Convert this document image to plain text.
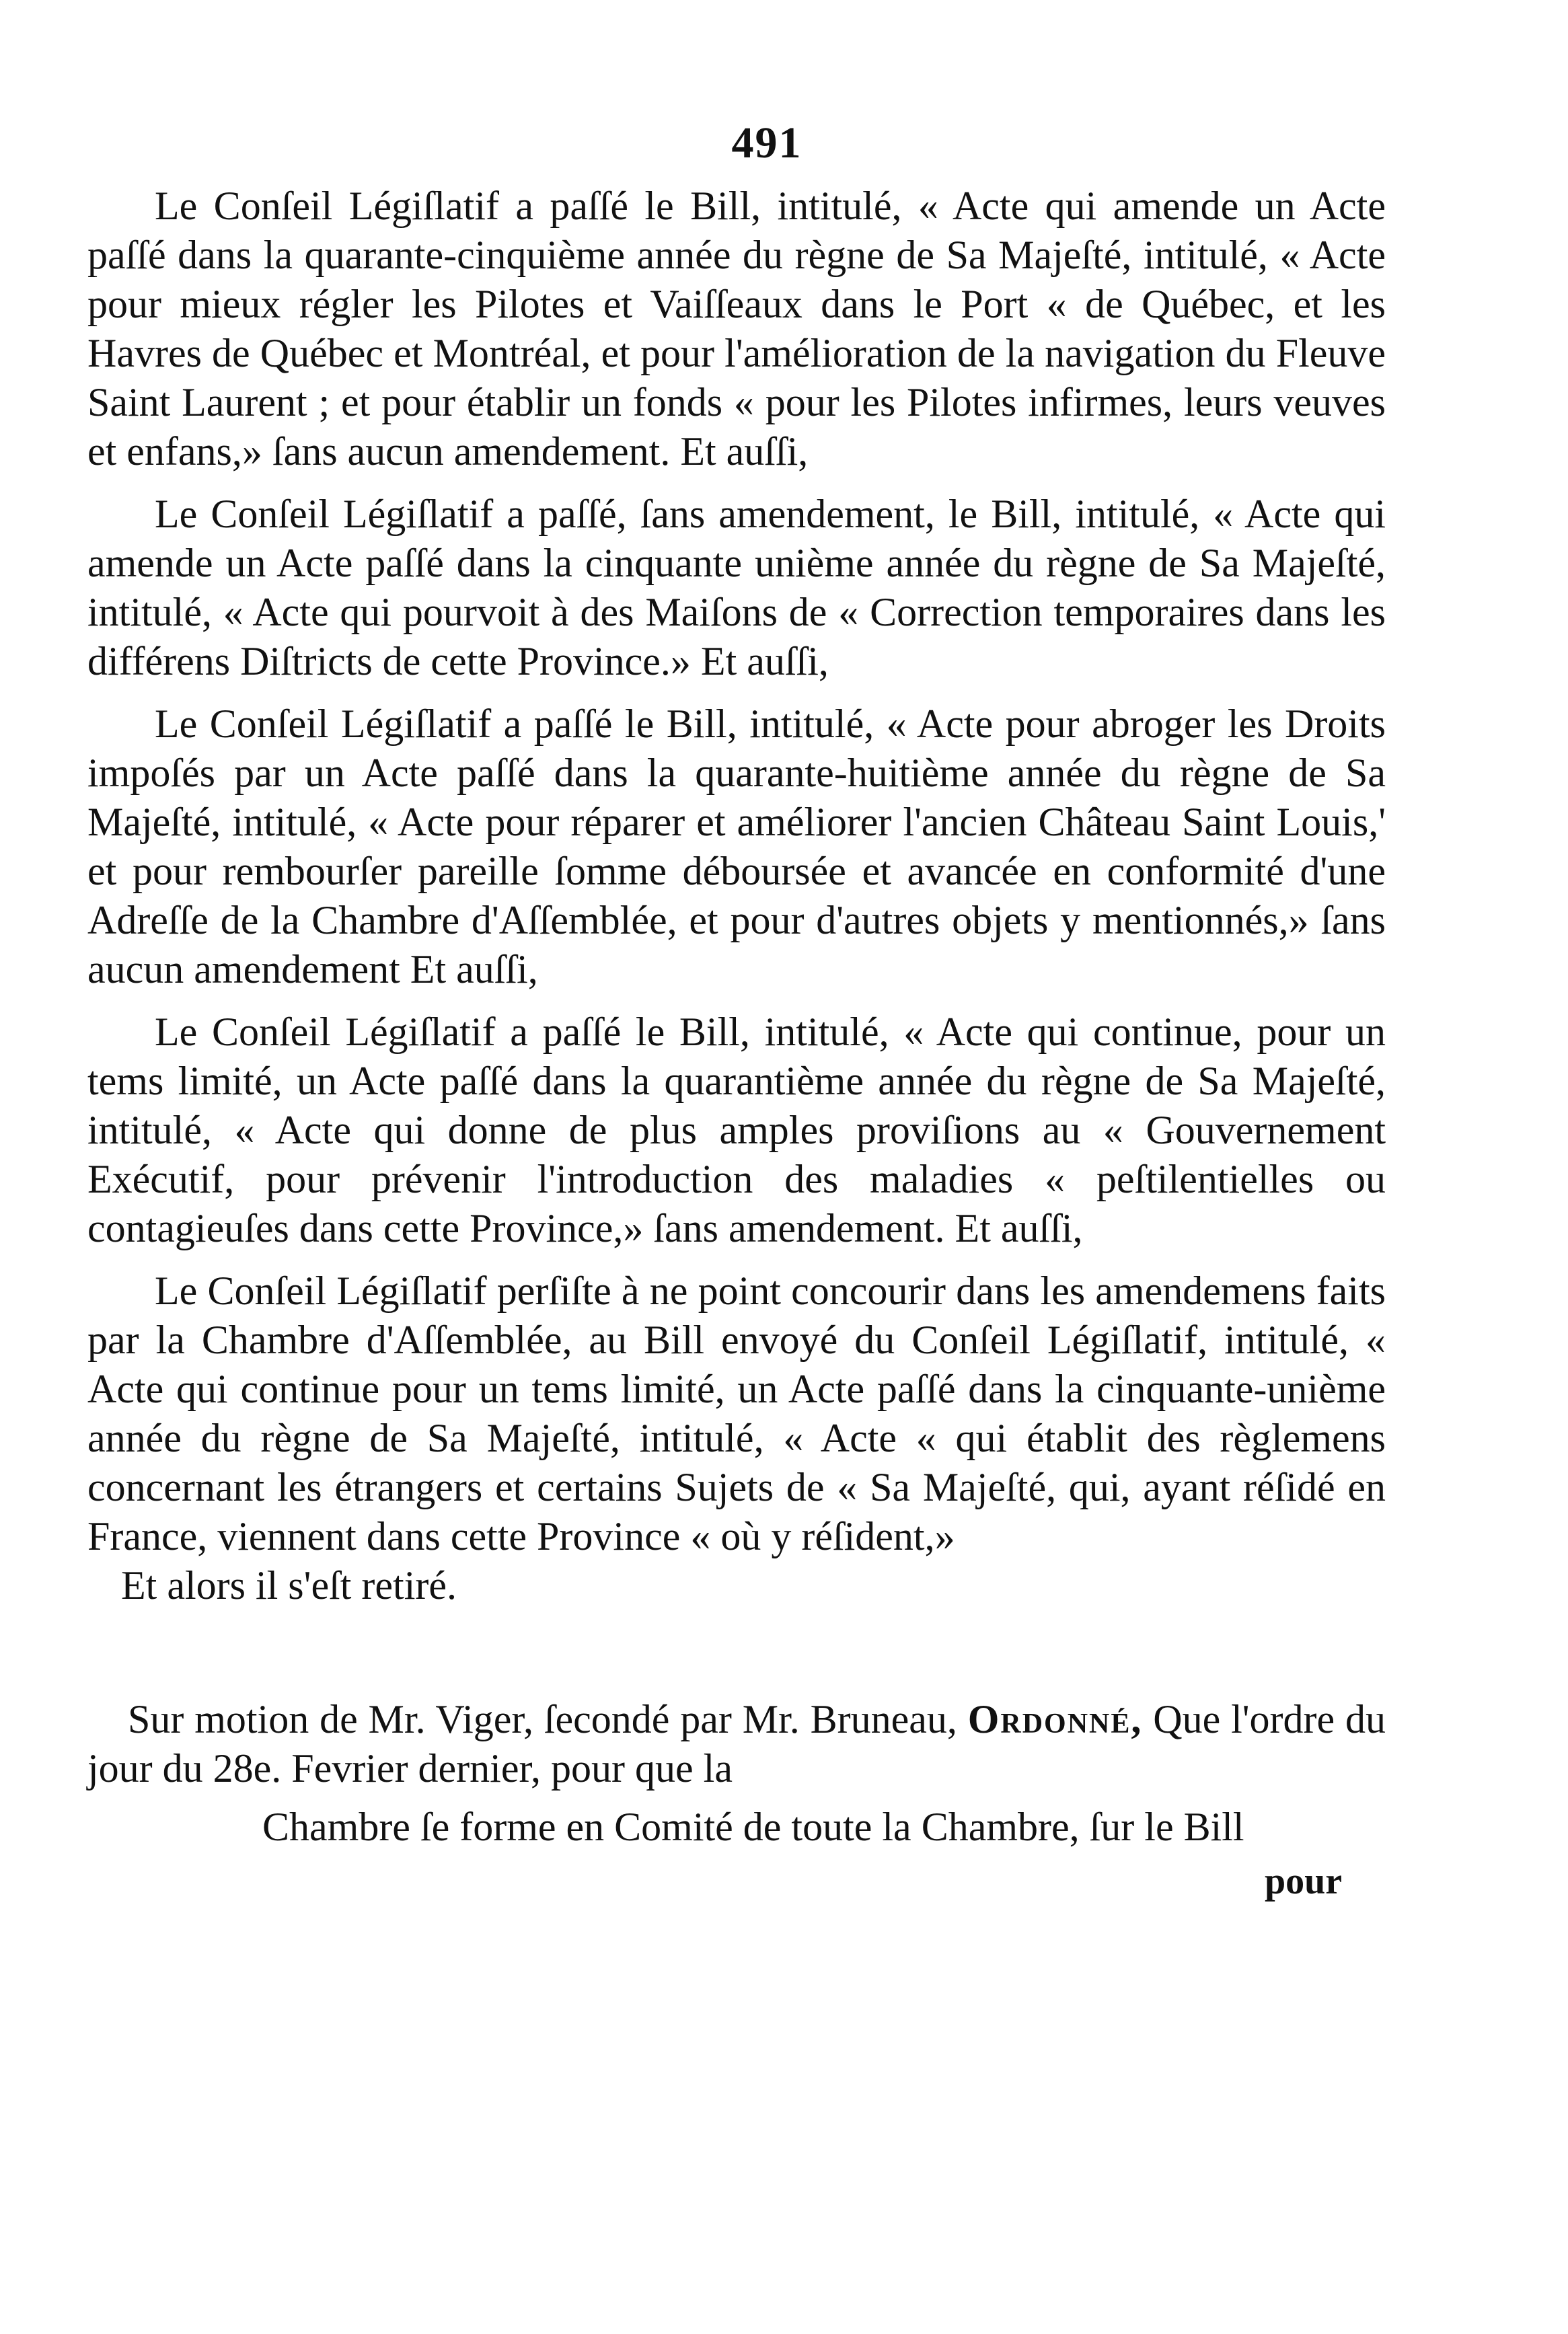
491

Le Conſeil Légiſlatif a paſſé le Bill, intitulé, « Acte qui amende un Acte paſſé dans la quarante-cinquième année du règne de Sa Majeſté, intitulé, « Acte pour mieux régler les Pilotes et Vaiſſeaux dans le Port « de Québec, et les Havres de Québec et Montréal, et pour l'amélioration de la navigation du Fleuve Saint Laurent ; et pour établir un fonds « pour les Pilotes infirmes, leurs veuves et enfans,» ſans aucun amendement. Et auſſi,

Le Conſeil Légiſlatif a paſſé, ſans amendement, le Bill, intitulé, « Acte qui amende un Acte paſſé dans la cinquante unième année du règne de Sa Majeſté, intitulé, « Acte qui pourvoit à des Maiſons de « Correction temporaires dans les différens Diſtricts de cette Province.» Et auſſi,

Le Conſeil Légiſlatif a paſſé le Bill, intitulé, « Acte pour abroger les Droits impoſés par un Acte paſſé dans la quarante-huitième année du règne de Sa Majeſté, intitulé, « Acte pour réparer et améliorer l'ancien Château Saint Louis,' et pour rembourſer pareille ſomme déboursée et avancée en conformité d'une Adreſſe de la Chambre d'Aſſemblée, et pour d'autres objets y mentionnés,» ſans aucun amendement Et auſſi,

Le Conſeil Légiſlatif a paſſé le Bill, intitulé, « Acte qui continue, pour un tems limité, un Acte paſſé dans la quarantième année du règne de Sa Majeſté, intitulé, « Acte qui donne de plus amples proviſions au « Gouvernement Exécutif, pour prévenir l'introduction des maladies « peſtilentielles ou contagieuſes dans cette Province,» ſans amendement. Et auſſi,

Le Conſeil Légiſlatif perſiſte à ne point concourir dans les amendemens faits par la Chambre d'Aſſemblée, au Bill envoyé du Conſeil Légiſlatif, intitulé, « Acte qui continue pour un tems limité, un Acte paſſé dans la cinquante-unième année du règne de Sa Majeſté, intitulé, « Acte « qui établit des règlemens concernant les étrangers et certains Sujets de « Sa Majeſté, qui, ayant réſidé en France, viennent dans cette Province « où y réſident,»

Et alors il s'eſt retiré.

Sur motion de Mr. Viger, ſecondé par Mr. Bruneau, Ordonné, Que l'ordre du jour du 28e. Fevrier dernier, pour que la

Chambre ſe forme en Comité de toute la Chambre, ſur le Bill

pour
